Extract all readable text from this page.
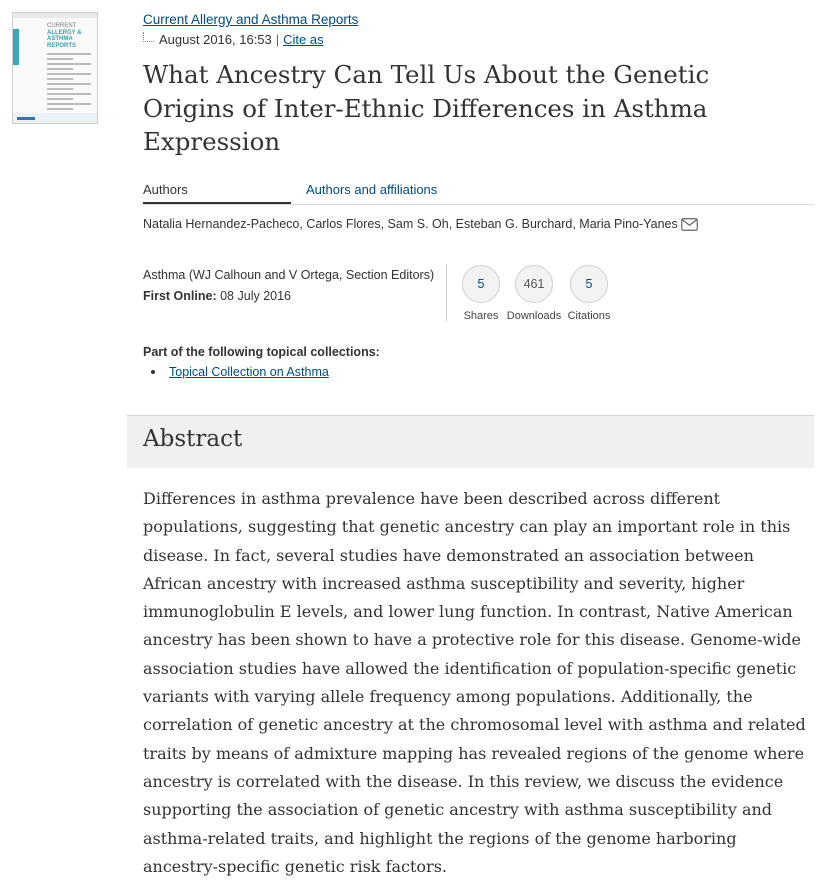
CURRENT
ALLERGY &
ASTHMA
REPORTS
Current Allergy and Asthma Reports
August 2016, 16:53 | Cite as
What Ancestry Can Tell Us About the Genetic Origins of Inter-Ethnic Differences in Asthma Expression
Authors	Authors and affiliations
Natalia Hernandez-Pacheco, Carlos Flores, Sam S. Oh, Esteban G. Burchard, Maria Pino-Yanes
Asthma (WJ Calhoun and V Ortega, Section Editors)
First Online: 08 July 2016
5
Shares
461
Downloads
5
Citations
Part of the following topical collections:
Topical Collection on Asthma
Abstract

Differences in asthma prevalence have been described across different populations, suggesting that genetic ancestry can play an important role in this disease. In fact, several studies have demonstrated an association between African ancestry with increased asthma susceptibility and severity, higher immunoglobulin E levels, and lower lung function. In contrast, Native American ancestry has been shown to have a protective role for this disease. Genome-wide association studies have allowed the identification of population-specific genetic variants with varying allele frequency among populations. Additionally, the correlation of genetic ancestry at the chromosomal level with asthma and related traits by means of admixture mapping has revealed regions of the genome where ancestry is correlated with the disease. In this review, we discuss the evidence supporting the association of genetic ancestry with asthma susceptibility and asthma-related traits, and highlight the regions of the genome harboring ancestry-specific genetic risk factors.
